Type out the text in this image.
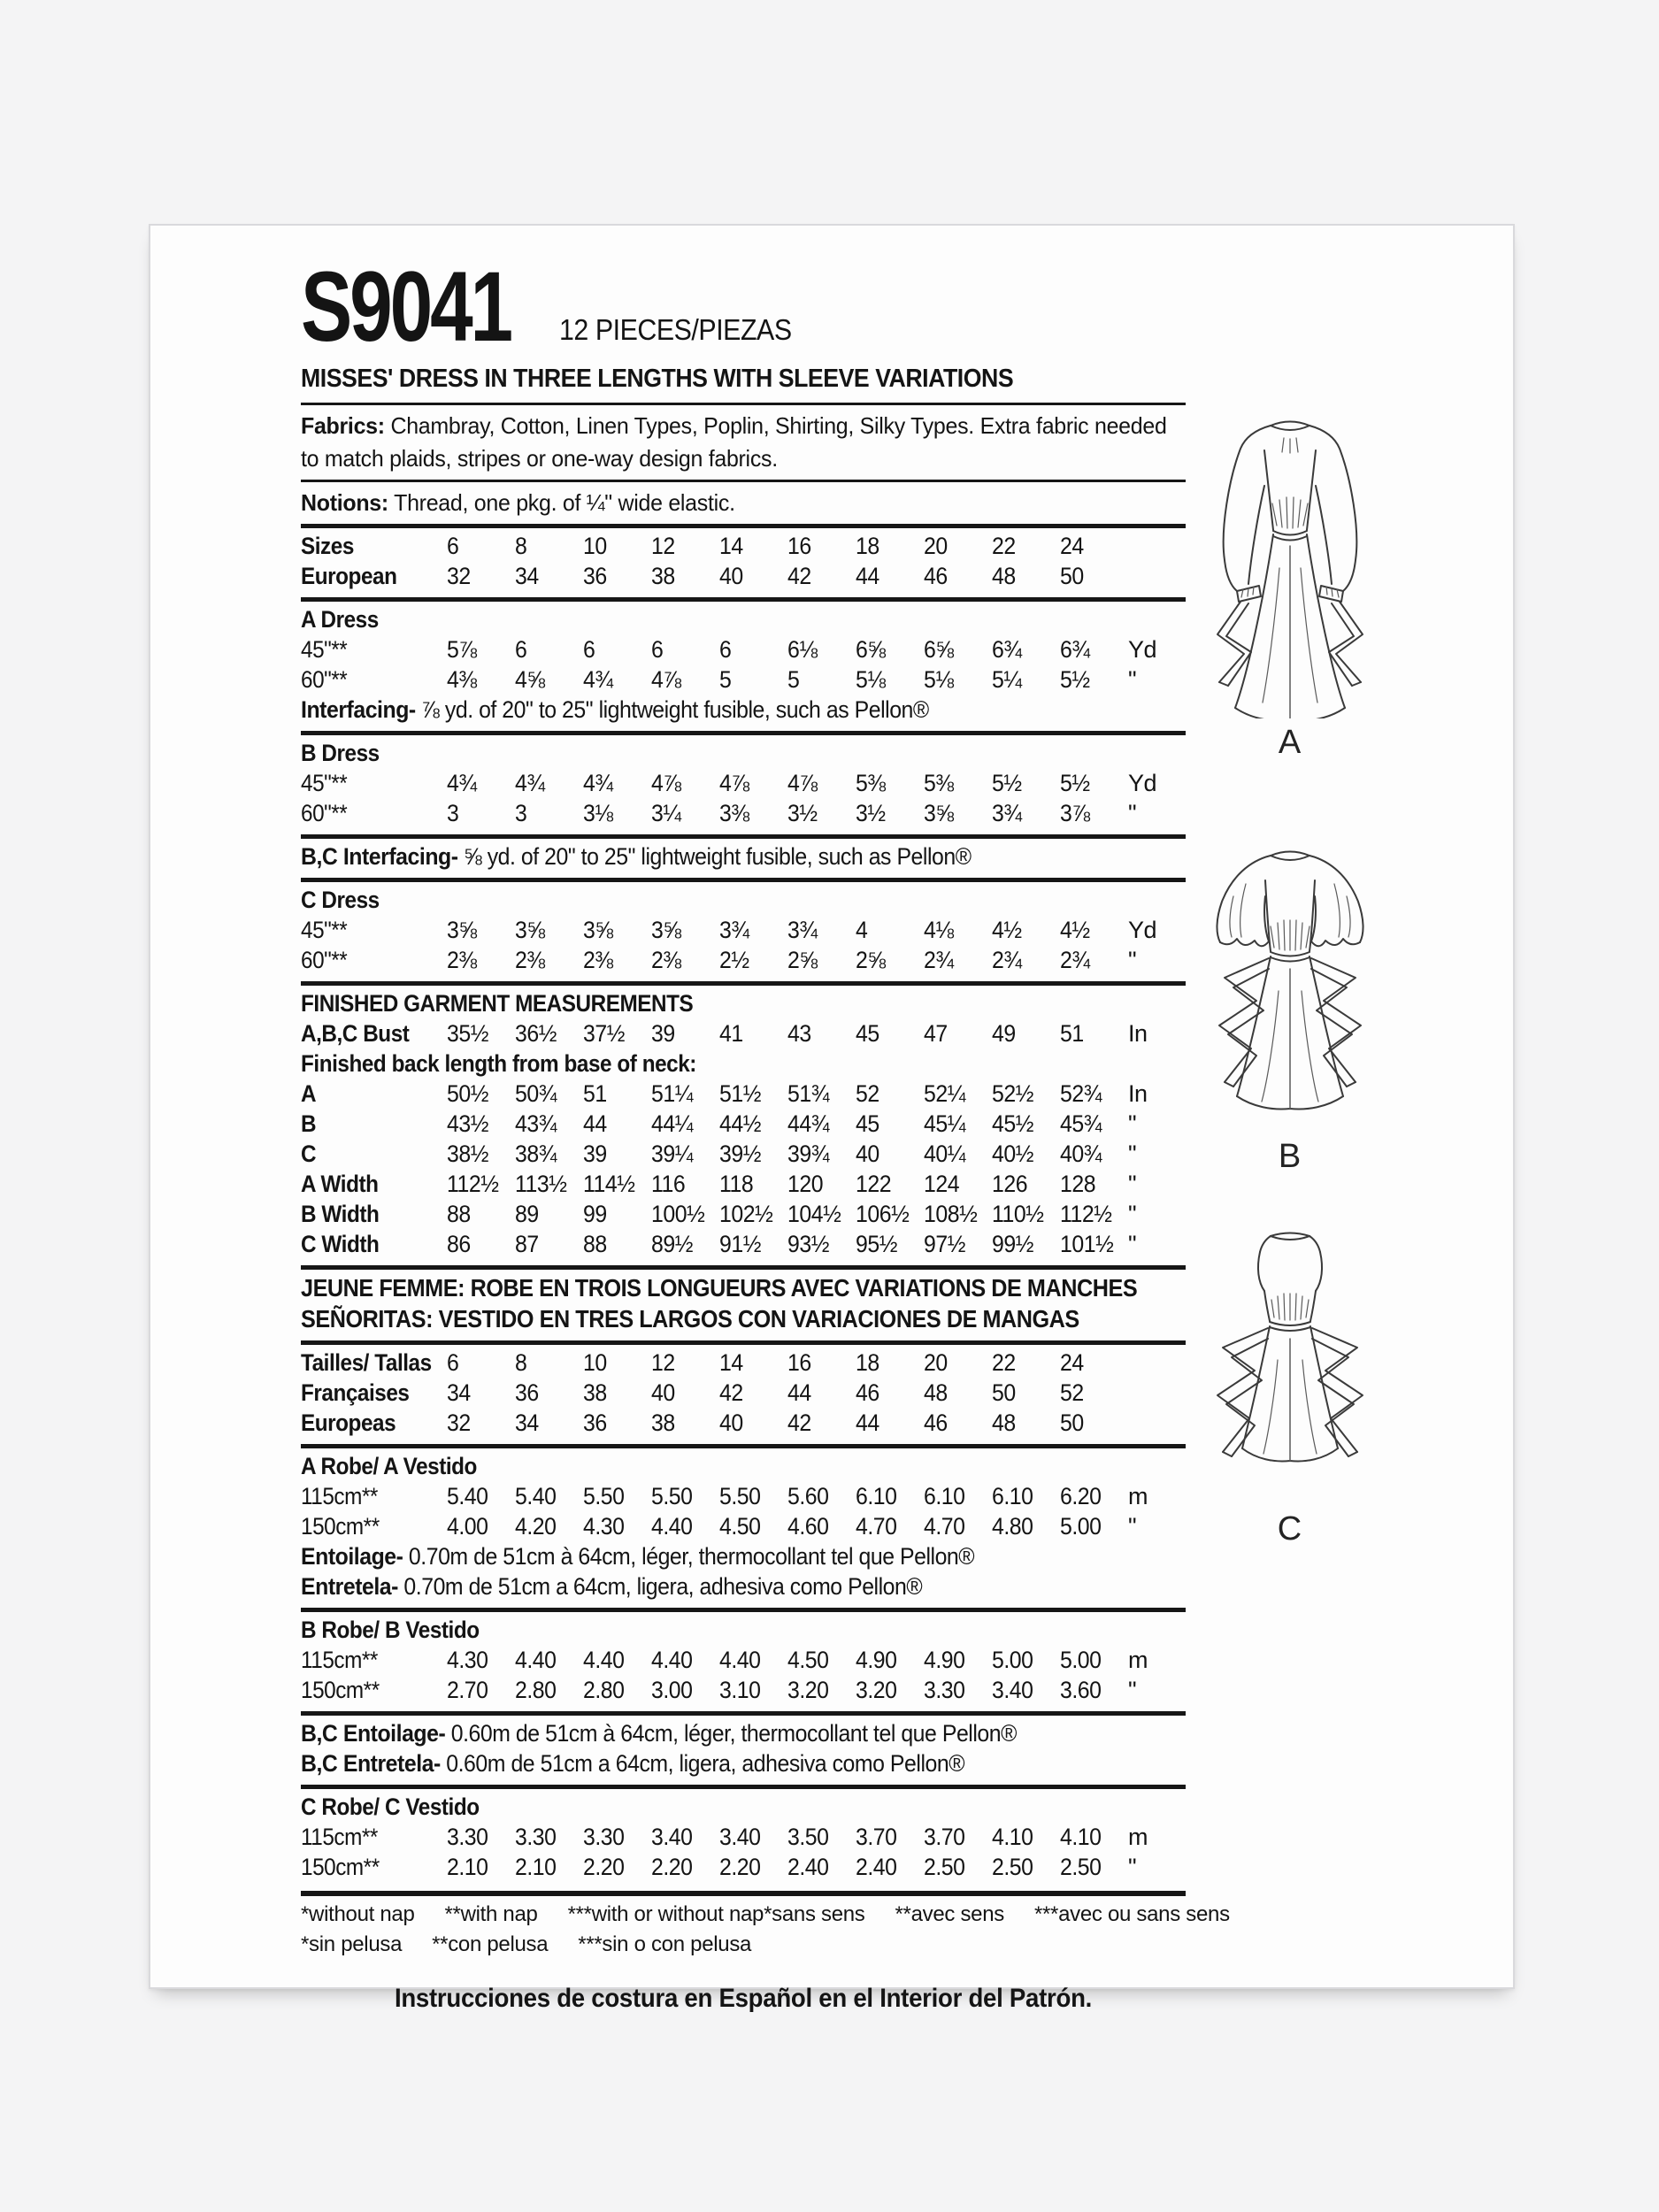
S9041	12 PIECES/PIEZAS
MISSES' DRESS IN THREE LENGTHS WITH SLEEVE VARIATIONS
Fabrics: Chambray, Cotton, Linen Types, Poplin, Shirting, Silky Types. Extra fabric needed to match plaids, stripes or one-way design fabrics.
Notions: Thread, one pkg. of ¼" wide elastic.
Sizes	6	8	10	12	14	16	18	20	22	24
European	32	34	36	38	40	42	44	46	48	50
A Dress
45"**	5⅞	6	6	6	6	6⅛	6⅝	6⅝	6¾	6¾	Yd
60"**	4⅜	4⅝	4¾	4⅞	5	5	5⅛	5⅛	5¼	5½	"
Interfacing- ⅞ yd. of 20" to 25" lightweight fusible, such as Pellon®
B Dress
45"**	4¾	4¾	4¾	4⅞	4⅞	4⅞	5⅜	5⅜	5½	5½	Yd
60"**	3	3	3⅛	3¼	3⅜	3½	3½	3⅝	3¾	3⅞	"
B,C Interfacing- ⅝ yd. of 20" to 25" lightweight fusible, such as Pellon®
C Dress
45"**	3⅝	3⅝	3⅝	3⅝	3¾	3¾	4	4⅛	4½	4½	Yd
60"**	2⅜	2⅜	2⅜	2⅜	2½	2⅝	2⅝	2¾	2¾	2¾	"
FINISHED GARMENT MEASUREMENTS
A,B,C Bust	35½	36½	37½	39	41	43	45	47	49	51	In
Finished back length from base of neck:
A	50½	50¾	51	51¼	51½	51¾	52	52¼	52½	52¾	In
B	43½	43¾	44	44¼	44½	44¾	45	45¼	45½	45¾	"
C	38½	38¾	39	39¼	39½	39¾	40	40¼	40½	40¾	"
A Width	112½ 113½ 114½ 116	118	120	122	124	126	128	"
B Width	88	89	99	100½ 102½ 104½ 106½ 108½ 110½ 112½ "
C Width	86	87	88	89½	91½	93½	95½	97½	99½	101½ "
JEUNE FEMME: ROBE EN TROIS LONGUEURS AVEC VARIATIONS DE MANCHES
SEÑORITAS: VESTIDO EN TRES LARGOS CON VARIACIONES DE MANGAS
Tailles/ Tallas 6	8	10	12	14	16	18	20	22	24
Françaises	34	36	38	40	42	44	46	48	50	52
Europeas	32	34	36	38	40	42	44	46	48	50
A Robe/ A Vestido
115cm**	5.40	5.40	5.50	5.50	5.50	5.60	6.10	6.10	6.10	6.20	m
150cm**	4.00	4.20	4.30	4.40	4.50	4.60	4.70	4.70	4.80	5.00	"
Entoilage- 0.70m de 51cm à 64cm, léger, thermocollant tel que Pellon®
Entretela- 0.70m de 51cm a 64cm, ligera, adhesiva como Pellon®
B Robe/ B Vestido
115cm**	4.30	4.40	4.40	4.40	4.40	4.50	4.90	4.90	5.00	5.00	m
150cm**	2.70	2.80	2.80	3.00	3.10	3.20	3.20	3.30	3.40	3.60	"
B,C Entoilage- 0.60m de 51cm à 64cm, léger, thermocollant tel que Pellon®
B,C Entretela- 0.60m de 51cm a 64cm, ligera, adhesiva como Pellon®
C Robe/ C Vestido
115cm**	3.30	3.30	3.30	3.40	3.40	3.50	3.70	3.70	4.10	4.10	m
150cm**	2.10	2.10	2.20	2.20	2.20	2.40	2.40	2.50	2.50	2.50	"
*without nap **with nap ***with or without nap *sans sens **avec sens ***avec ou sans sens
*sin pelusa **con pelusa ***sin o con pelusa
Instrucciones de costura en Español en el Interior del Patrón.
A
B
C
